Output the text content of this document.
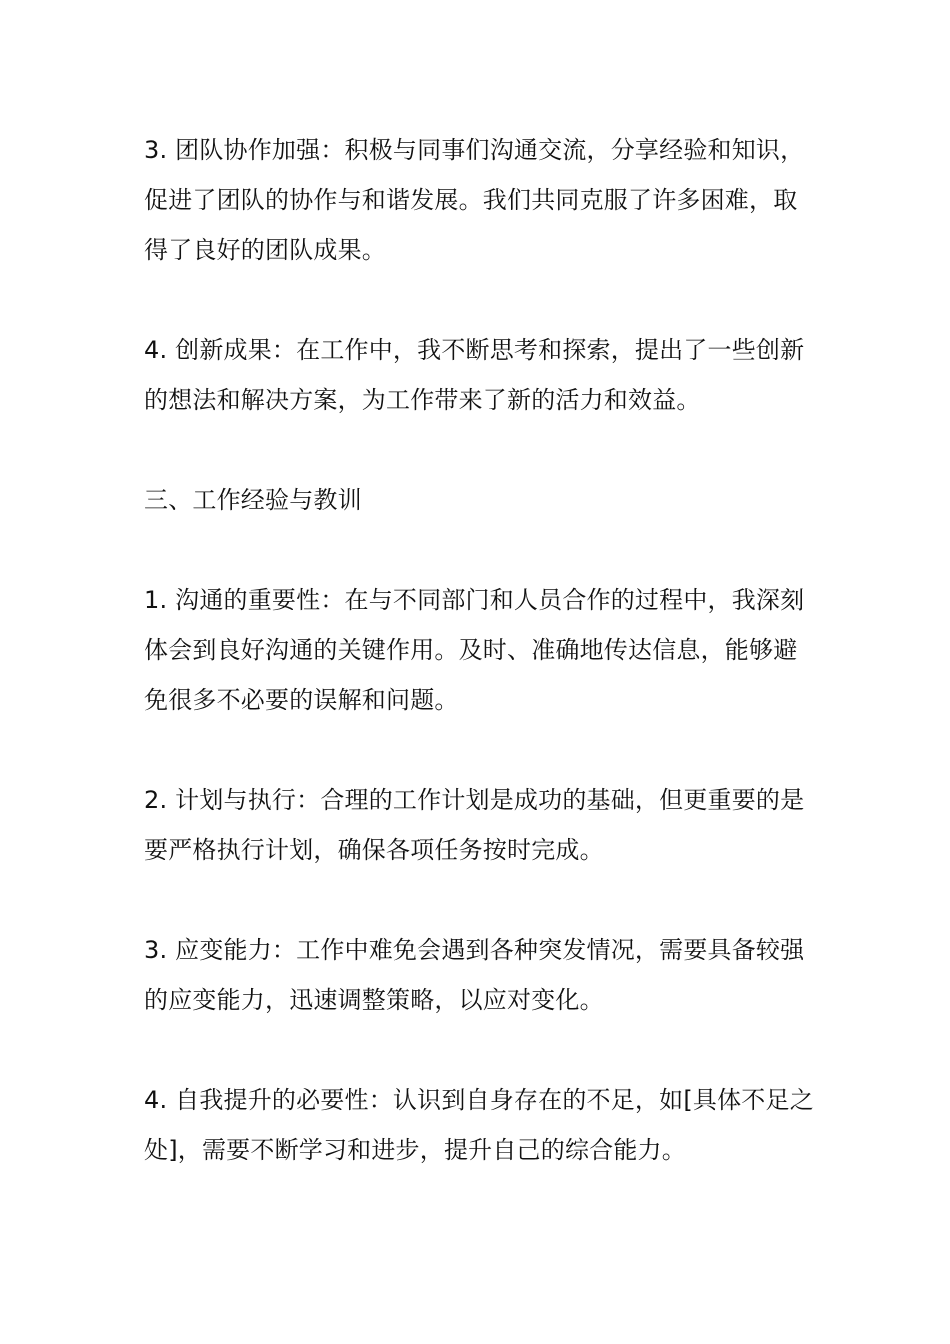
3. 团队协作加强：积极与同事们沟通交流，分享经验和知识，
促进了团队的协作与和谐发展。我们共同克服了许多困难，取
得了良好的团队成果。

4. 创新成果：在工作中，我不断思考和探索，提出了一些创新
的想法和解决方案，为工作带来了新的活力和效益。

三、工作经验与教训

1. 沟通的重要性：在与不同部门和人员合作的过程中，我深刻
体会到良好沟通的关键作用。及时、准确地传达信息，能够避
免很多不必要的误解和问题。

2. 计划与执行：合理的工作计划是成功的基础，但更重要的是
要严格执行计划，确保各项任务按时完成。

3. 应变能力：工作中难免会遇到各种突发情况，需要具备较强
的应变能力，迅速调整策略，以应对变化。

4. 自我提升的必要性：认识到自身存在的不足，如[具体不足之
处]，需要不断学习和进步，提升自己的综合能力。
